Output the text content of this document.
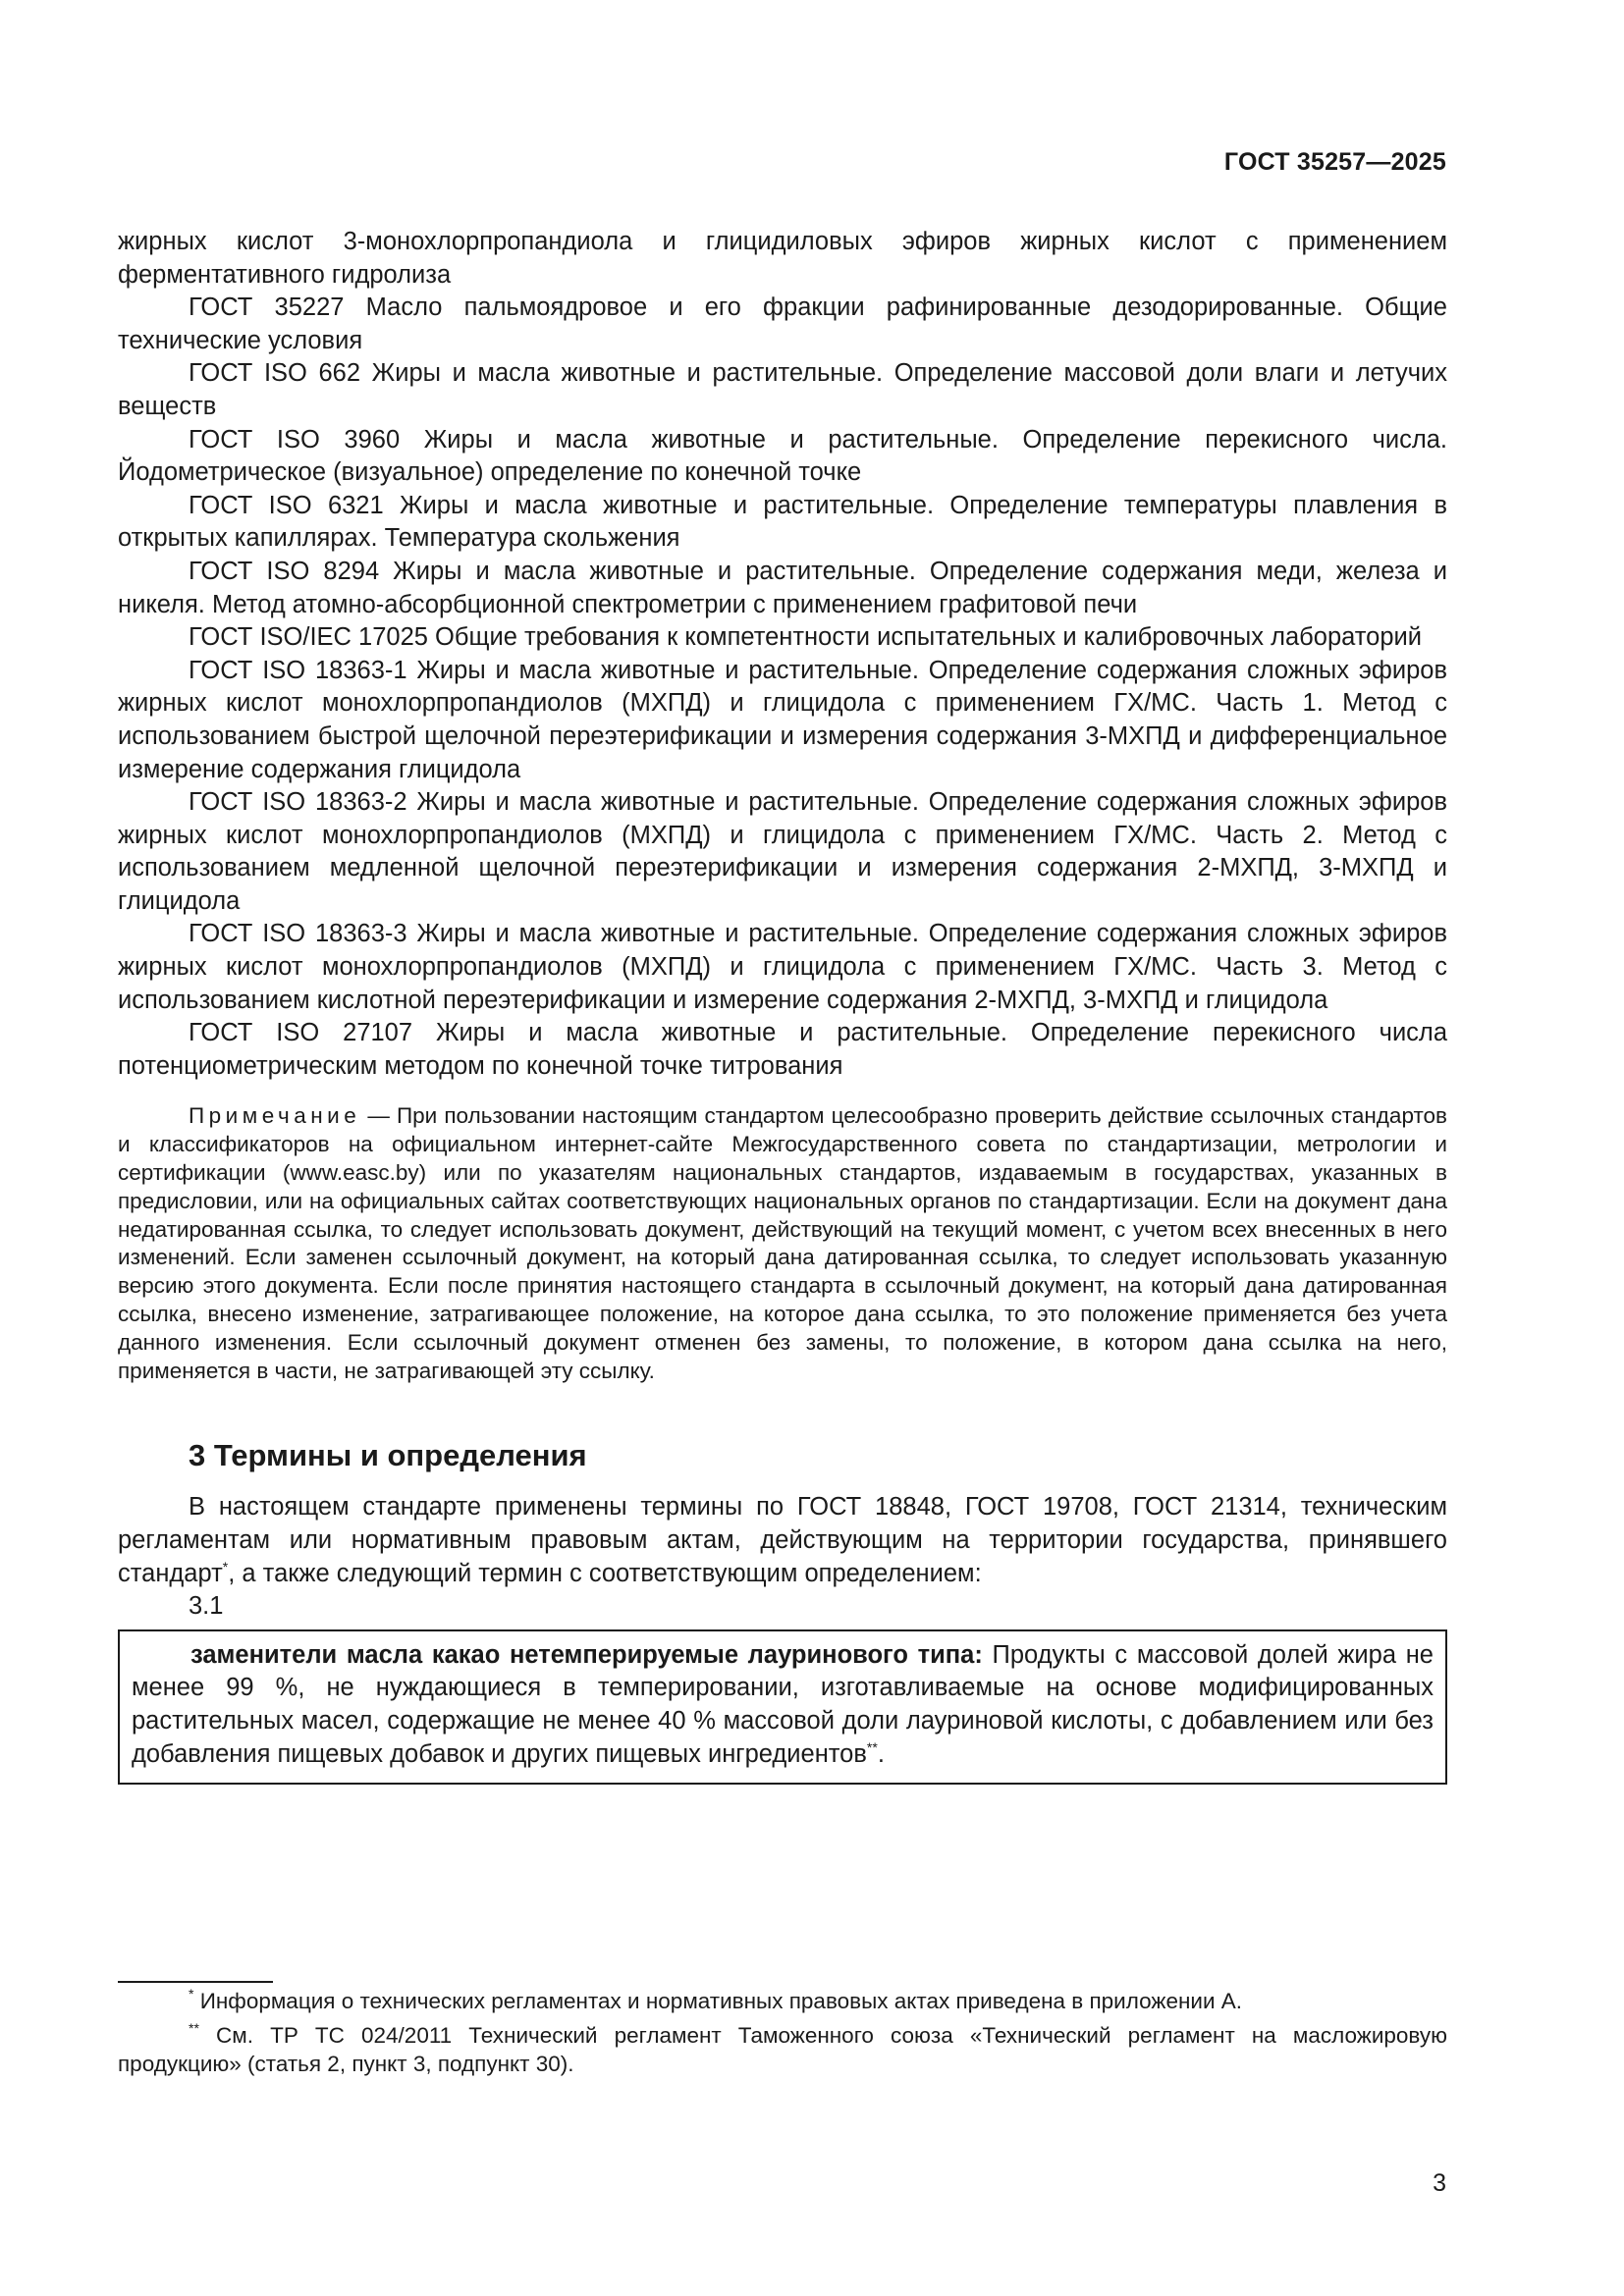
ГОСТ 35257—2025

жирных кислот 3-монохлорпропандиола и глицидиловых эфиров жирных кислот с применением ферментативного гидролиза

ГОСТ 35227 Масло пальмоядровое и его фракции рафинированные дезодорированные. Общие технические условия

ГОСТ ISO 662 Жиры и масла животные и растительные. Определение массовой доли влаги и летучих веществ

ГОСТ ISO 3960 Жиры и масла животные и растительные. Определение перекисного числа. Йодометрическое (визуальное) определение по конечной точке

ГОСТ ISO 6321 Жиры и масла животные и растительные. Определение температуры плавления в открытых капиллярах. Температура скольжения

ГОСТ ISO 8294 Жиры и масла животные и растительные. Определение содержания меди, железа и никеля. Метод атомно-абсорбционной спектрометрии с применением графитовой печи

ГОСТ ISO/IEC 17025 Общие требования к компетентности испытательных и калибровочных лабораторий

ГОСТ ISO 18363-1 Жиры и масла животные и растительные. Определение содержания сложных эфиров жирных кислот монохлорпропандиолов (МХПД) и глицидола с применением ГХ/МС. Часть 1. Метод с использованием быстрой щелочной переэтерификации и измерения содержания 3-МХПД и дифференциальное измерение содержания глицидола

ГОСТ ISO 18363-2 Жиры и масла животные и растительные. Определение содержания сложных эфиров жирных кислот монохлорпропандиолов (МХПД) и глицидола с применением ГХ/МС. Часть 2. Метод с использованием медленной щелочной переэтерификации и измерения содержания 2-МХПД, 3-МХПД и глицидола

ГОСТ ISO 18363-3 Жиры и масла животные и растительные. Определение содержания сложных эфиров жирных кислот монохлорпропандиолов (МХПД) и глицидола с применением ГХ/МС. Часть 3. Метод с использованием кислотной переэтерификации и измерение содержания 2-МХПД, 3-МХПД и глицидола

ГОСТ ISO 27107 Жиры и масла животные и растительные. Определение перекисного числа потенциометрическим методом по конечной точке титрования

Примечание — При пользовании настоящим стандартом целесообразно проверить действие ссылочных стандартов и классификаторов на официальном интернет-сайте Межгосударственного совета по стандартизации, метрологии и сертификации (www.easc.by) или по указателям национальных стандартов, издаваемым в государствах, указанных в предисловии, или на официальных сайтах соответствующих национальных органов по стандартизации. Если на документ дана недатированная ссылка, то следует использовать документ, действующий на текущий момент, с учетом всех внесенных в него изменений. Если заменен ссылочный документ, на который дана датированная ссылка, то следует использовать указанную версию этого документа. Если после принятия настоящего стандарта в ссылочный документ, на который дана датированная ссылка, внесено изменение, затрагивающее положение, на которое дана ссылка, то это положение применяется без учета данного изменения. Если ссылочный документ отменен без замены, то положение, в котором дана ссылка на него, применяется в части, не затрагивающей эту ссылку.

3 Термины и определения

В настоящем стандарте применены термины по ГОСТ 18848, ГОСТ 19708, ГОСТ 21314, техническим регламентам или нормативным правовым актам, действующим на территории государства, принявшего стандарт*, а также следующий термин с соответствующим определением:

3.1

заменители масла какао нетемперируемые лауринового типа: Продукты с массовой долей жира не менее 99 %, не нуждающиеся в темперировании, изготавливаемые на основе модифицированных растительных масел, содержащие не менее 40 % массовой доли лауриновой кислоты, с добавлением или без добавления пищевых добавок и других пищевых ингредиентов**.

* Информация о технических регламентах и нормативных правовых актах приведена в приложении А.

** См. ТР ТС 024/2011 Технический регламент Таможенного союза «Технический регламент на масложировую продукцию» (статья 2, пункт 3, подпункт 30).

3
